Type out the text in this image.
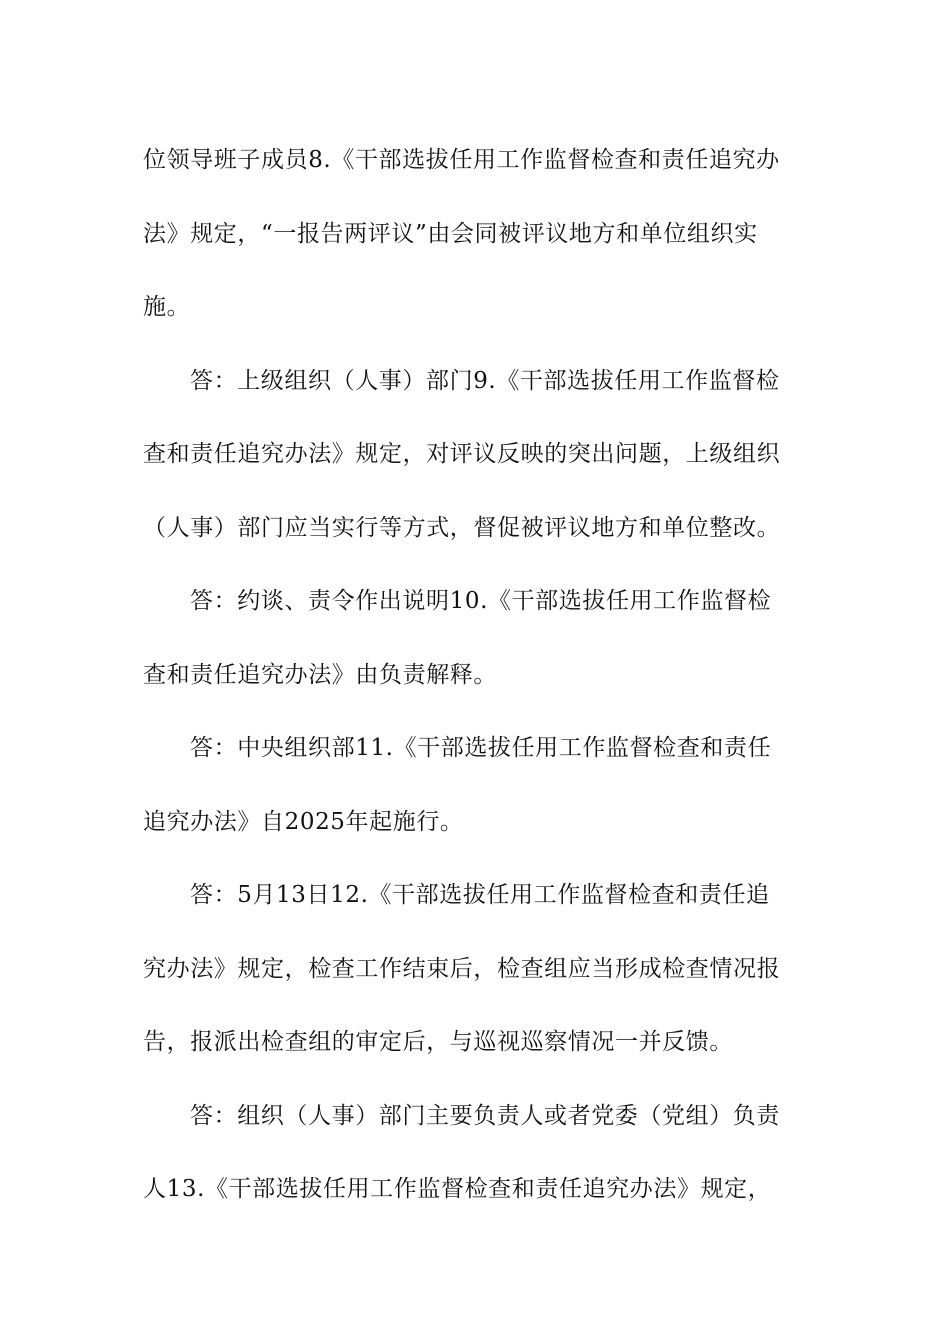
位领导班子成员8.《干部选拔任用工作监督检查和责任追究办
法》规定，“一报告两评议”由会同被评议地方和单位组织实
施。
答：上级组织（人事）部门9.《干部选拔任用工作监督检
查和责任追究办法》规定，对评议反映的突出问题，上级组织
（人事）部门应当实行等方式，督促被评议地方和单位整改。
答：约谈、责令作出说明10.《干部选拔任用工作监督检
查和责任追究办法》由负责解释。
答：中央组织部11.《干部选拔任用工作监督检查和责任
追究办法》自2025年起施行。
答：5月13日12.《干部选拔任用工作监督检查和责任追
究办法》规定，检查工作结束后，检查组应当形成检查情况报
告，报派出检查组的审定后，与巡视巡察情况一并反馈。
答：组织（人事）部门主要负责人或者党委（党组）负责
人13.《干部选拔任用工作监督检查和责任追究办法》规定，
